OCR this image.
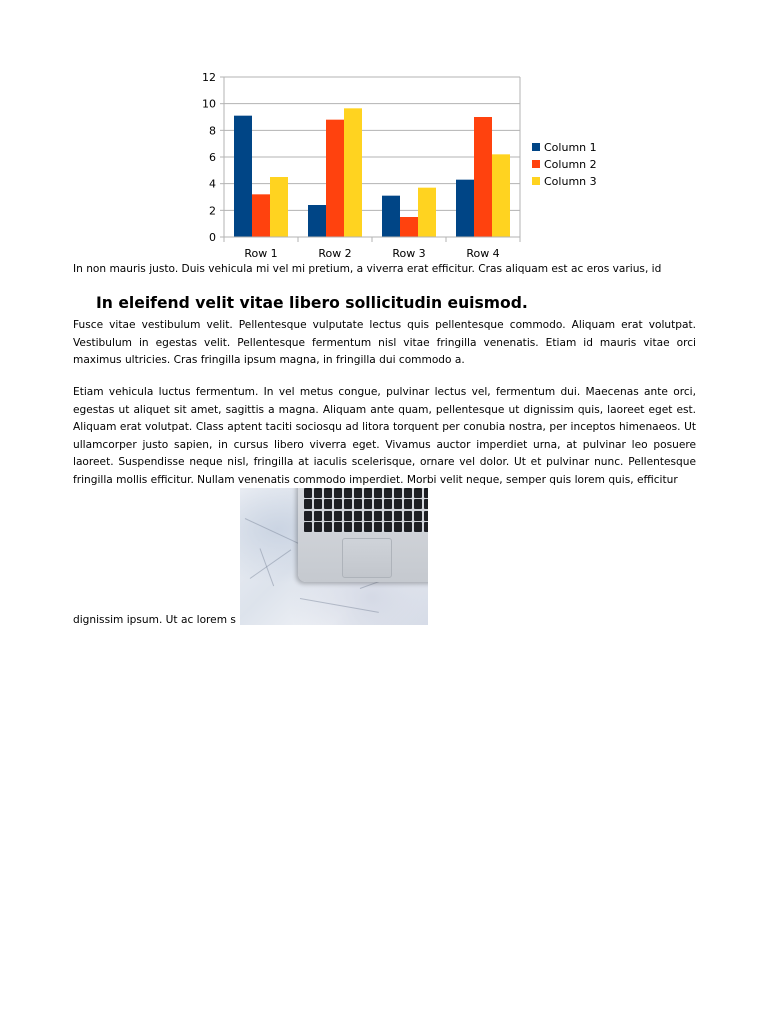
0
2
4
6
8
10
12
Row 1	Row 2	Row 3	Row 4
Column 1
Column 2
Column 3

In non mauris justo. Duis vehicula mi vel mi pretium, a viverra erat efficitur. Cras aliquam est ac eros varius, id

In eleifend velit vitae libero sollicitudin euismod.

Fusce vitae vestibulum velit. Pellentesque vulputate lectus quis pellentesque commodo. Aliquam erat volutpat. Vestibulum in egestas velit. Pellentesque fermentum nisl vitae fringilla venenatis. Etiam id mauris vitae orci maximus ultricies. Cras fringilla ipsum magna, in fringilla dui commodo a.

Etiam vehicula luctus fermentum. In vel metus congue, pulvinar lectus vel, fermentum dui. Maecenas ante orci, egestas ut aliquet sit amet, sagittis a magna. Aliquam ante quam, pellentesque ut dignissim quis, laoreet eget est. Aliquam erat volutpat. Class aptent taciti sociosqu ad litora torquent per conubia nostra, per inceptos himenaeos. Ut ullamcorper justo sapien, in cursus libero viverra eget. Vivamus auctor imperdiet urna, at pulvinar leo posuere laoreet. Suspendisse neque nisl, fringilla at iaculis scelerisque, ornare vel dolor. Ut et pulvinar nunc. Pellentesque fringilla mollis efficitur. Nullam venenatis commodo imperdiet. Morbi velit neque, semper quis lorem quis, efficitur

dignissim ipsum. Ut ac lorem s
